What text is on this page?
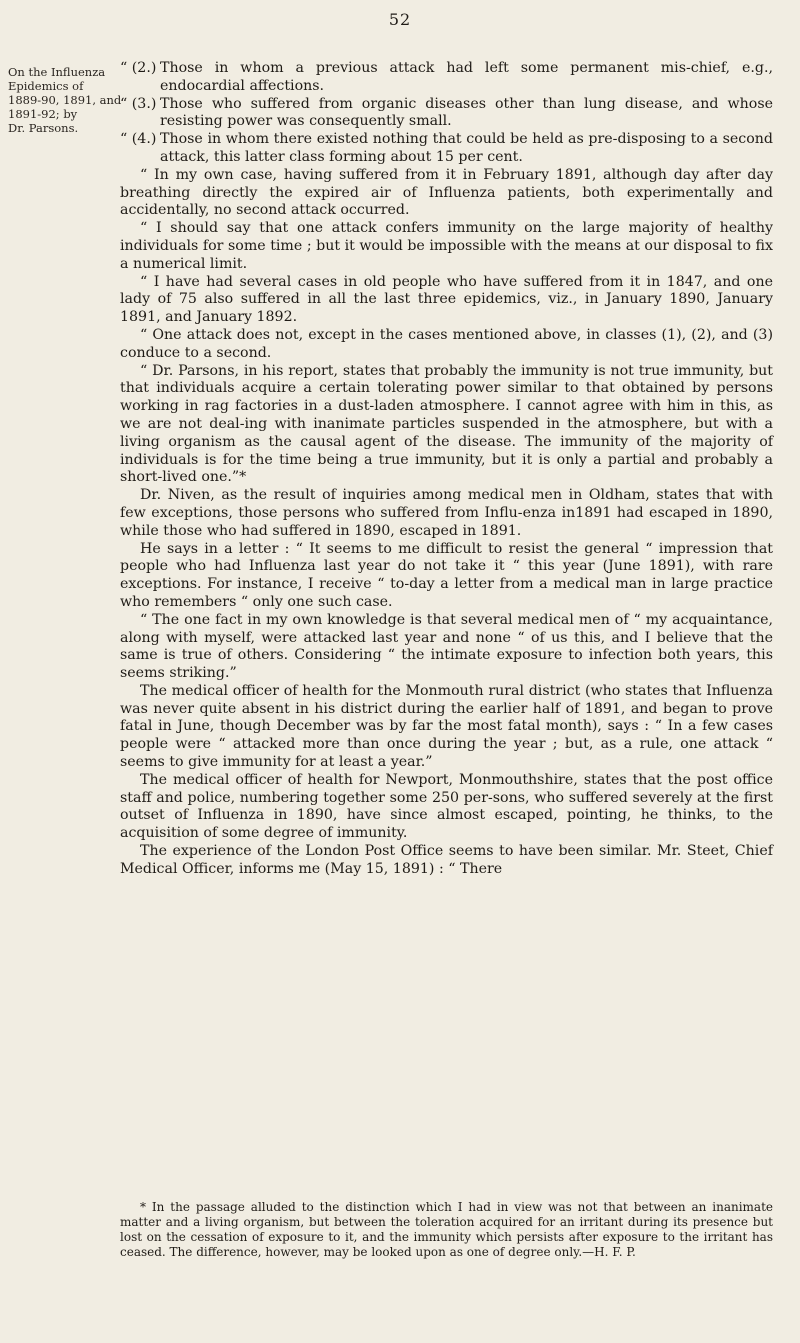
52
On the Influenza
Epidemics of
1889-90, 1891, and
1891-92; by
Dr. Parsons.

“ (2.) Those in whom a previous attack had left some permanent mis-chief, e.g., endocardial affections.

“ (3.) Those who suffered from organic diseases other than lung disease, and whose resisting power was consequently small.

“ (4.) Those in whom there existed nothing that could be held as pre-disposing to a second attack, this latter class forming about 15 per cent.

“ In my own case, having suffered from it in February 1891, although day after day breathing directly the expired air of Influenza patients, both experimentally and accidentally, no second attack occurred.

“ I should say that one attack confers immunity on the large majority of healthy individuals for some time ; but it would be impossible with the means at our disposal to fix a numerical limit.

“ I have had several cases in old people who have suffered from it in 1847, and one lady of 75 also suffered in all the last three epidemics, viz., in January 1890, January 1891, and January 1892.

“ One attack does not, except in the cases mentioned above, in classes (1), (2), and (3) conduce to a second.

“ Dr. Parsons, in his report, states that probably the immunity is not true immunity, but that individuals acquire a certain tolerating power similar to that obtained by persons working in rag factories in a dust-laden atmosphere. I cannot agree with him in this, as we are not deal-ing with inanimate particles suspended in the atmosphere, but with a living organism as the causal agent of the disease. The immunity of the majority of individuals is for the time being a true immunity, but it is only a partial and probably a short-lived one.”*

Dr. Niven, as the result of inquiries among medical men in Oldham, states that with few exceptions, those persons who suffered from Influ-enza in1891 had escaped in 1890, while those who had suffered in 1890, escaped in 1891.

He says in a letter : “ It seems to me difficult to resist the general “ impression that people who had Influenza last year do not take it “ this year (June 1891), with rare exceptions. For instance, I receive “ to-day a letter from a medical man in large practice who remembers “ only one such case.

“ The one fact in my own knowledge is that several medical men of “ my acquaintance, along with myself, were attacked last year and none “ of us this, and I believe that the same is true of others. Considering “ the intimate exposure to infection both years, this seems striking.”

The medical officer of health for the Monmouth rural district (who states that Influenza was never quite absent in his district during the earlier half of 1891, and began to prove fatal in June, though December was by far the most fatal month), says : “ In a few cases people were “ attacked more than once during the year ; but, as a rule, one attack “ seems to give immunity for at least a year.”

The medical officer of health for Newport, Monmouthshire, states that the post office staff and police, numbering together some 250 per-sons, who suffered severely at the first outset of Influenza in 1890, have since almost escaped, pointing, he thinks, to the acquisition of some degree of immunity.

The experience of the London Post Office seems to have been similar. Mr. Steet, Chief Medical Officer, informs me (May 15, 1891) : “ There

* In the passage alluded to the distinction which I had in view was not that between an inanimate matter and a living organism, but between the toleration acquired for an irritant during its presence but lost on the cessation of exposure to it, and the immunity which persists after exposure to the irritant has ceased. The difference, however, may be looked upon as one of degree only.—H. F. P.
